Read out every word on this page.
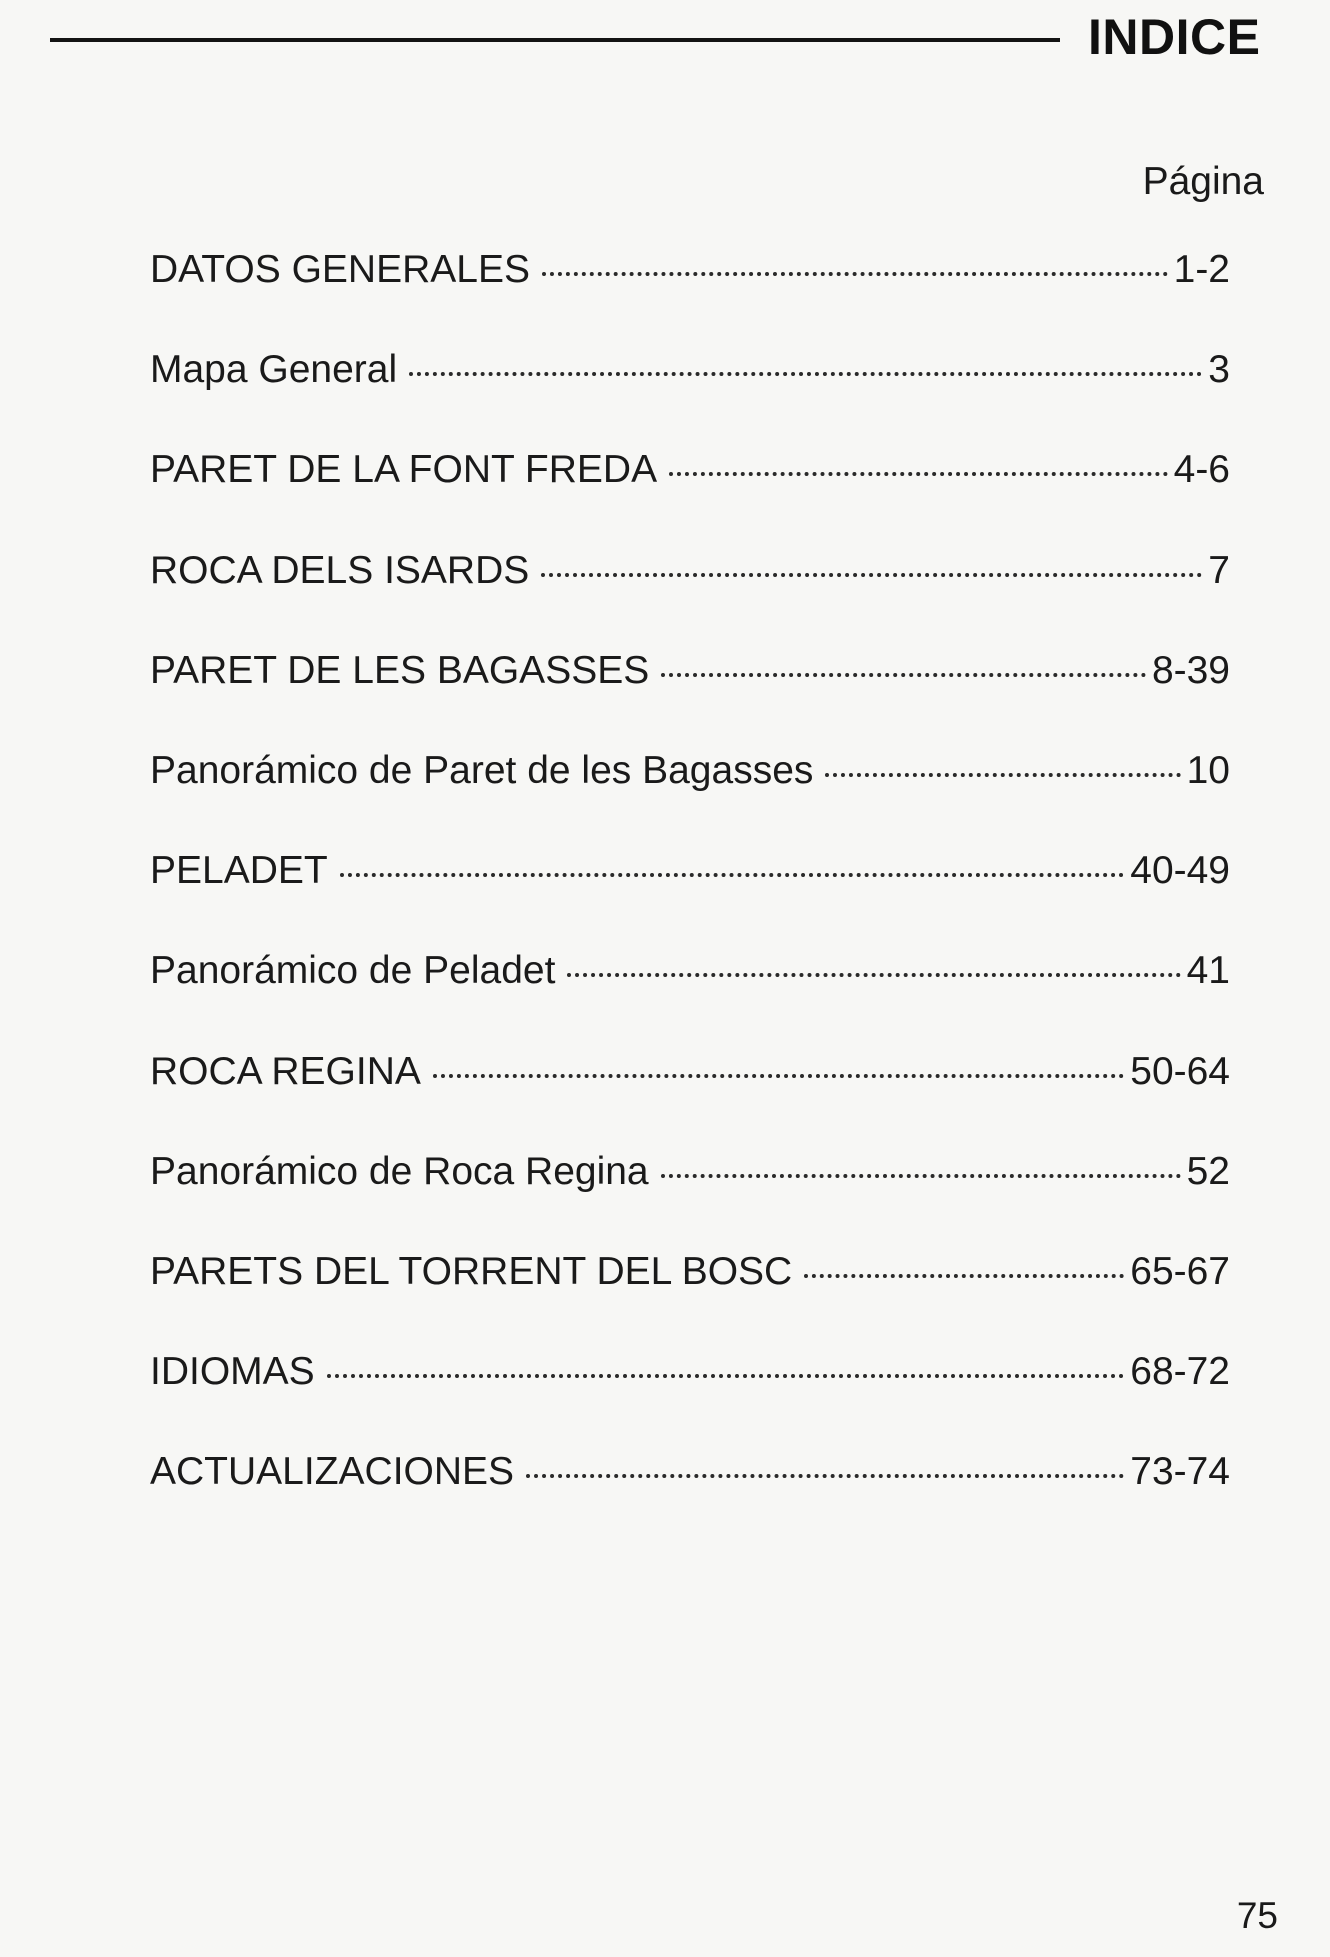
INDICE
Página
DATOS GENERALES	1-2
Mapa General	3
PARET DE LA FONT FREDA	4-6
ROCA DELS ISARDS	7
PARET DE LES BAGASSES	8-39
Panorámico de Paret de les Bagasses	10
PELADET	40-49
Panorámico de Peladet	41
ROCA REGINA	50-64
Panorámico de Roca Regina	52
PARETS DEL TORRENT DEL BOSC	65-67
IDIOMAS	68-72
ACTUALIZACIONES	73-74
75
